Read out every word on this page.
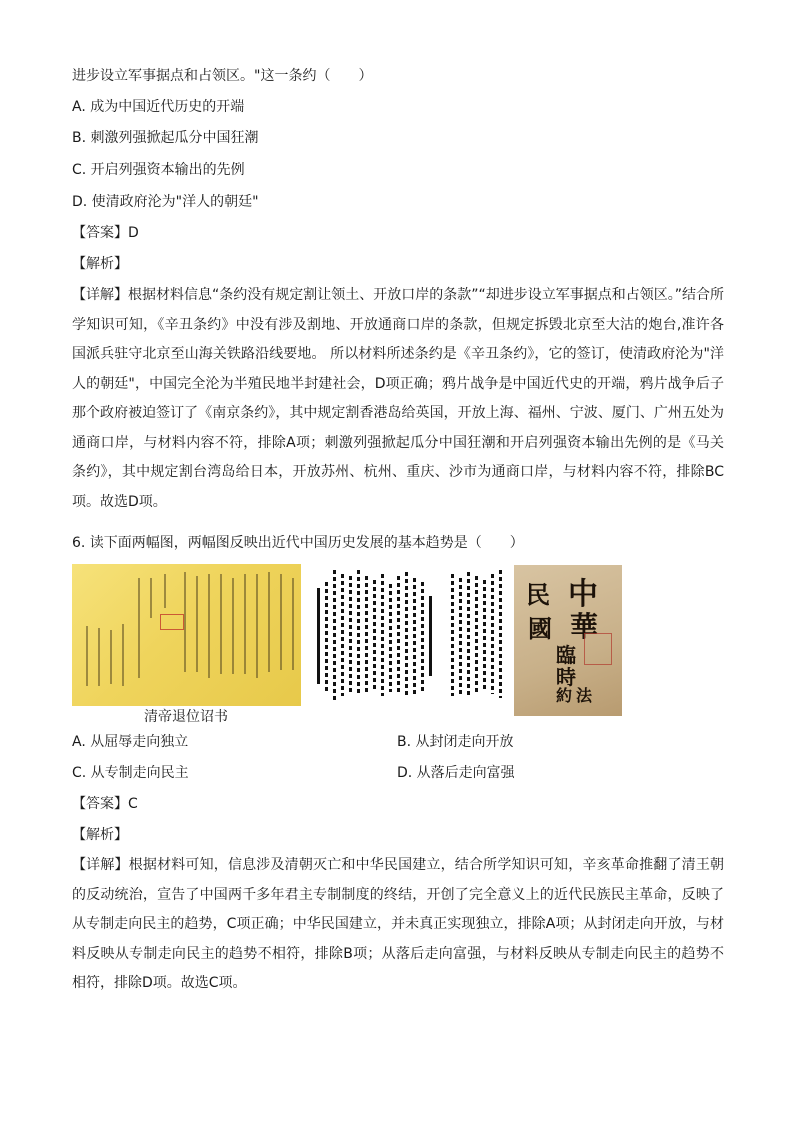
进步设立军事据点和占领区。"这一条约（　　）
A. 成为中国近代历史的开端
B. 刺激列强掀起瓜分中国狂潮
C. 开启列强资本输出的先例
D. 使清政府沦为"洋人的朝廷"
【答案】D
【解析】
【详解】根据材料信息“条约没有规定割让领土、开放口岸的条款”“却进步设立军事据点和占领区。”结合所学知识可知，《辛丑条约》中没有涉及割地、开放通商口岸的条款，但规定拆毁北京至大沽的炮台,准许各国派兵驻守北京至山海关铁路沿线要地。 所以材料所述条约是《辛丑条约》，它的签订，使清政府沦为"洋人的朝廷"，中国完全沦为半殖民地半封建社会，D项正确；鸦片战争是中国近代史的开端，鸦片战争后子那个政府被迫签订了《南京条约》，其中规定割香港岛给英国，开放上海、福州、宁波、厦门、广州五处为通商口岸，与材料内容不符，排除A项；刺激列强掀起瓜分中国狂潮和开启列强资本输出先例的是《马关条约》，其中规定割台湾岛给日本，开放苏州、杭州、重庆、沙市为通商口岸，与材料内容不符，排除BC项。故选D项。
6. 读下面两幅图，两幅图反映出近代中国历史发展的基本趋势是（　　）
清帝退位诏书
中
華
民
國
臨
時
約 法
A. 从屈辱走向独立	B. 从封闭走向开放
C. 从专制走向民主	D. 从落后走向富强
【答案】C
【解析】
【详解】根据材料可知，信息涉及清朝灭亡和中华民国建立，结合所学知识可知，辛亥革命推翻了清王朝的反动统治，宣告了中国两千多年君主专制制度的终结，开创了完全意义上的近代民族民主革命，反映了从专制走向民主的趋势，C项正确；中华民国建立，并未真正实现独立，排除A项；从封闭走向开放，与材料反映从专制走向民主的趋势不相符，排除B项；从落后走向富强，与材料反映从专制走向民主的趋势不相符，排除D项。故选C项。
